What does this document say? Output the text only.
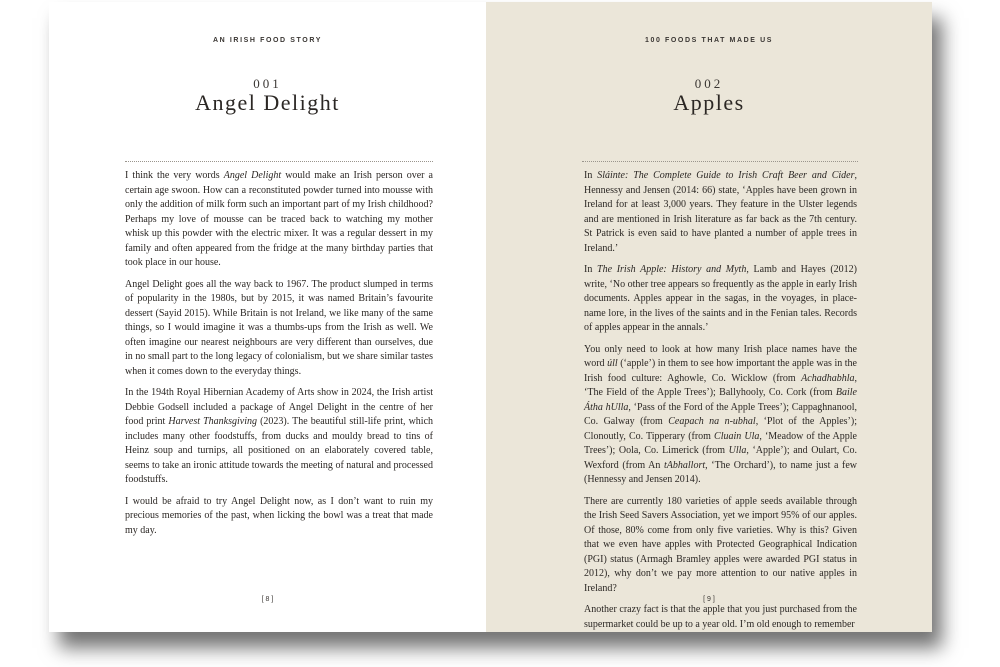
AN IRISH FOOD STORY
001
Angel Delight

I think the very words Angel Delight would make an Irish person over a certain age swoon. How can a reconstituted powder turned into mousse with only the addition of milk form such an important part of my Irish childhood? Perhaps my love of mousse can be traced back to watching my mother whisk up this powder with the electric mixer. It was a regular dessert in my family and often appeared from the fridge at the many birthday parties that took place in our house.

Angel Delight goes all the way back to 1967. The product slumped in terms of popularity in the 1980s, but by 2015, it was named Britain’s favourite dessert (Sayid 2015). While Britain is not Ireland, we like many of the same things, so I would imagine it was a thumbs-ups from the Irish as well. We often imagine our nearest neighbours are very different than ourselves, due in no small part to the long legacy of colonialism, but we share similar tastes when it comes down to the everyday things.

In the 194th Royal Hibernian Academy of Arts show in 2024, the Irish artist Debbie Godsell included a package of Angel Delight in the centre of her food print Harvest Thanksgiving (2023). The beautiful still-life print, which includes many other foodstuffs, from ducks and mouldy bread to tins of Heinz soup and turnips, all positioned on an elaborately covered table, seems to take an ironic attitude towards the meeting of natural and processed foodstuffs.

I would be afraid to try Angel Delight now, as I don’t want to ruin my precious memories of the past, when licking the bowl was a treat that made my day.

[ 8 ]
100 FOODS THAT MADE US
002
Apples

In Sláinte: The Complete Guide to Irish Craft Beer and Cider, Hennessy and Jensen (2014: 66) state, ‘Apples have been grown in Ireland for at least 3,000 years. They feature in the Ulster legends and are mentioned in Irish literature as far back as the 7th century. St Patrick is even said to have planted a number of apple trees in Ireland.’

In The Irish Apple: History and Myth, Lamb and Hayes (2012) write, ‘No other tree appears so frequently as the apple in early Irish documents. Apples appear in the sagas, in the voyages, in place-name lore, in the lives of the saints and in the Fenian tales. Records of apples appear in the annals.’

You only need to look at how many Irish place names have the word úll (‘apple’) in them to see how important the apple was in the Irish food culture: Aghowle, Co. Wicklow (from Achadhabhla, ‘The Field of the Apple Trees’); Ballyhooly, Co. Cork (from Baile Átha hUlla, ‘Pass of the Ford of the Apple Trees’); Cappaghnanool, Co. Galway (from Ceapach na n-ubhal, ‘Plot of the Apples’); Clonoutly, Co. Tipperary (from Cluain Ula, ‘Meadow of the Apple Trees’); Oola, Co. Limerick (from Ulla, ‘Apple’); and Oulart, Co. Wexford (from An tAbhallort, ‘The Orchard’), to name just a few (Hennessy and Jensen 2014).

There are currently 180 varieties of apple seeds available through the Irish Seed Savers Association, yet we import 95% of our apples. Of those, 80% come from only five varieties. Why is this? Given that we even have apples with Protected Geographical Indication (PGI) status (Armagh Bramley apples were awarded PGI status in 2012), why don’t we pay more attention to our native apples in Ireland?

Another crazy fact is that the apple that you just purchased from the supermarket could be up to a year old. I’m old enough to remember

[ 9 ]
